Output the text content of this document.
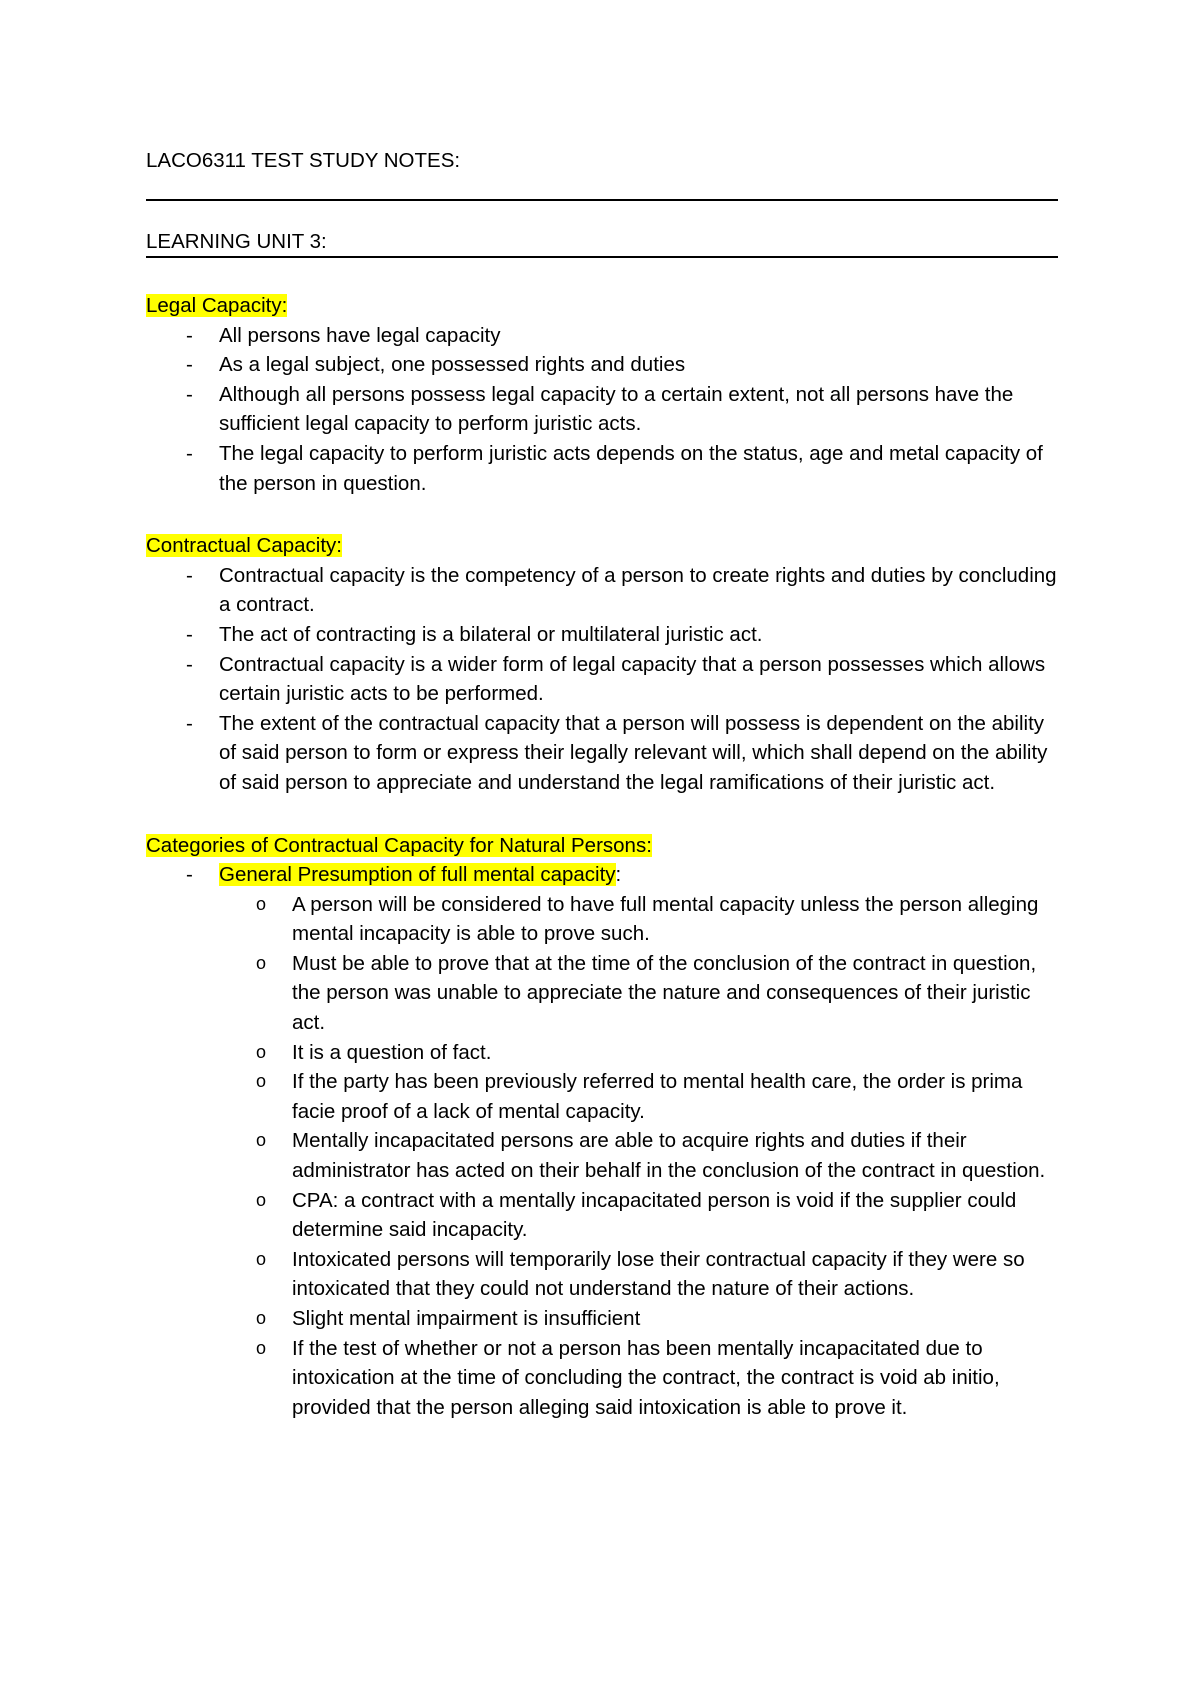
LACO6311 TEST STUDY NOTES:
LEARNING UNIT 3:
Legal Capacity:
- All persons have legal capacity
- As a legal subject, one possessed rights and duties
- Although all persons possess legal capacity to a certain extent, not all persons have the sufficient legal capacity to perform juristic acts.
- The legal capacity to perform juristic acts depends on the status, age and metal capacity of the person in question.
Contractual Capacity:
- Contractual capacity is the competency of a person to create rights and duties by concluding a contract.
- The act of contracting is a bilateral or multilateral juristic act.
- Contractual capacity is a wider form of legal capacity that a person possesses which allows certain juristic acts to be performed.
- The extent of the contractual capacity that a person will possess is dependent on the ability of said person to form or express their legally relevant will, which shall depend on the ability of said person to appreciate and understand the legal ramifications of their juristic act.
Categories of Contractual Capacity for Natural Persons:
- General Presumption of full mental capacity:
o A person will be considered to have full mental capacity unless the person alleging mental incapacity is able to prove such.
o Must be able to prove that at the time of the conclusion of the contract in question, the person was unable to appreciate the nature and consequences of their juristic act.
o It is a question of fact.
o If the party has been previously referred to mental health care, the order is prima facie proof of a lack of mental capacity.
o Mentally incapacitated persons are able to acquire rights and duties if their administrator has acted on their behalf in the conclusion of the contract in question.
o CPA: a contract with a mentally incapacitated person is void if the supplier could determine said incapacity.
o Intoxicated persons will temporarily lose their contractual capacity if they were so intoxicated that they could not understand the nature of their actions.
o Slight mental impairment is insufficient
o If the test of whether or not a person has been mentally incapacitated due to intoxication at the time of concluding the contract, the contract is void ab initio, provided that the person alleging said intoxication is able to prove it.
